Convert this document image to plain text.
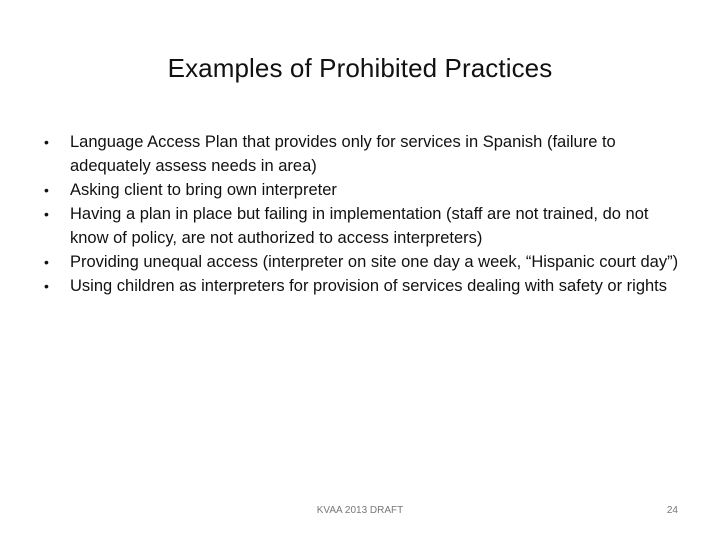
Examples of Prohibited Practices
•	Language Access Plan that provides only for services in Spanish (failure to adequately assess needs in area)
•	Asking client to bring own interpreter
•	Having a plan in place but failing in implementation (staff are not trained, do not know of policy, are not authorized to access interpreters)
•	Providing unequal access (interpreter on site one day a week, “Hispanic court day”)
•	Using children as interpreters for provision of services dealing with safety or rights
KVAA 2013 DRAFT	24
